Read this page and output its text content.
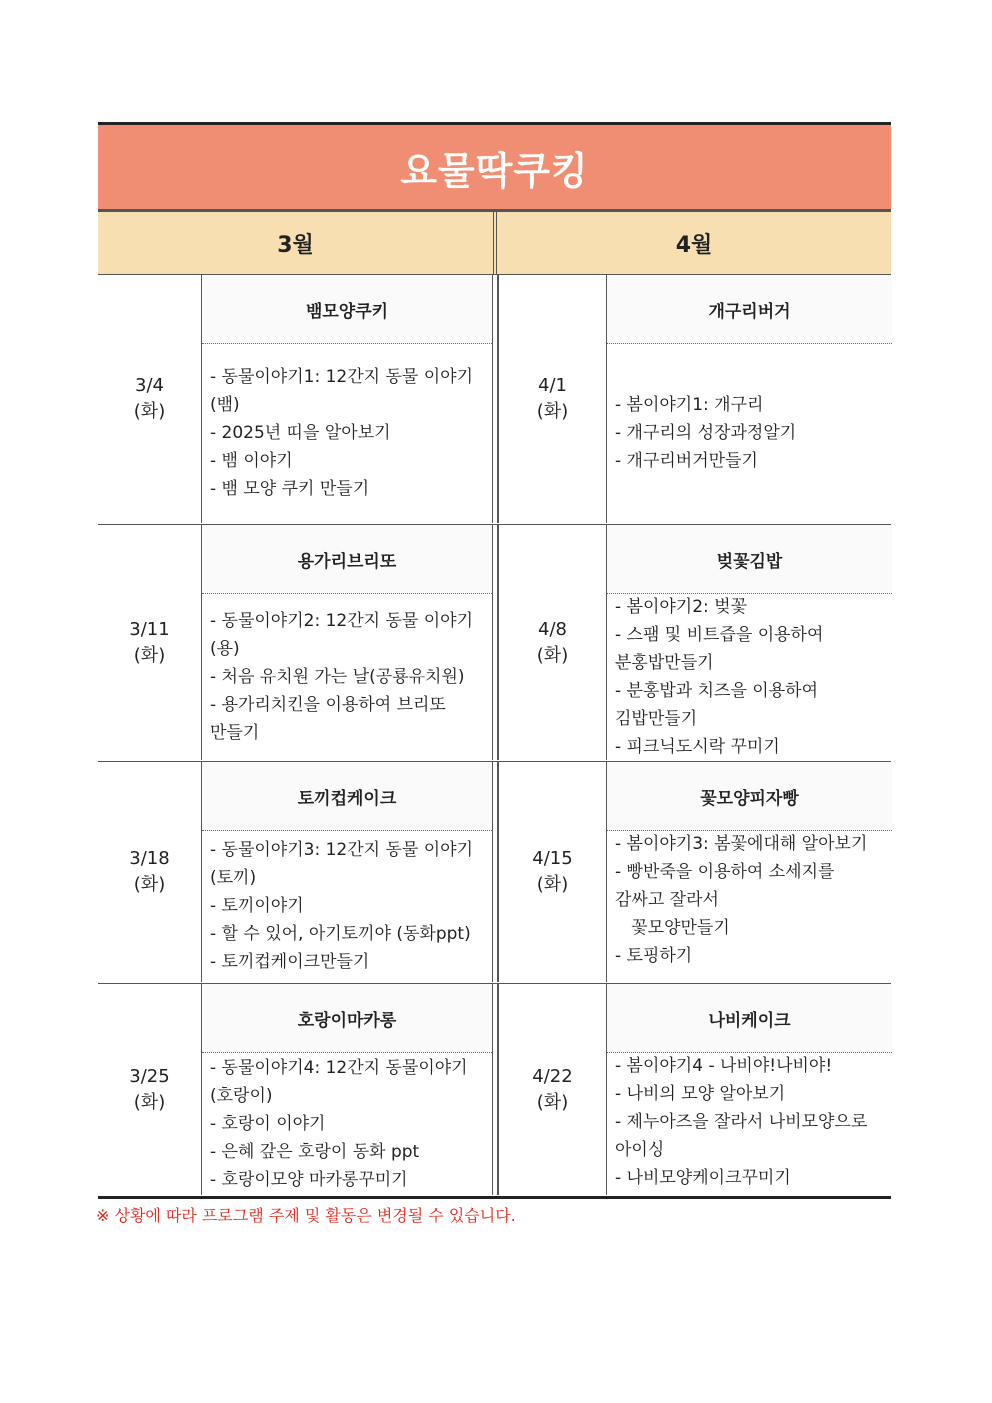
요물딱쿠킹
3월	4월
3/4
(화)
뱀모양쿠키
- 동물이야기1: 12간지 동물 이야기(뱀)
- 2025년 띠을 알아보기
- 뱀 이야기
- 뱀 모양 쿠키 만들기
4/1
(화)
개구리버거
- 봄이야기1: 개구리
- 개구리의 성장과정알기
- 개구리버거만들기
3/11
(화)
용가리브리또
- 동물이야기2: 12간지 동물 이야기(용)
- 처음 유치원 가는 날(공룡유치원)
- 용가리치킨을 이용하여 브리또
만들기
4/8
(화)
벚꽃김밥
- 봄이야기2: 벚꽃
- 스팸 및 비트즙을 이용하여
분홍밥만들기
- 분홍밥과 치즈을 이용하여
김밥만들기
- 피크닉도시락 꾸미기
3/18
(화)
토끼컵케이크
- 동물이야기3: 12간지 동물 이야기(토끼)
- 토끼이야기
- 할 수 있어, 아기토끼야 (동화ppt)
- 토끼컵케이크만들기
4/15
(화)
꽃모양피자빵
- 봄이야기3: 봄꽃에대해 알아보기
- 빵반죽을 이용하여 소세지를
감싸고 잘라서
꽃모양만들기
- 토핑하기
3/25
(화)
호랑이마카롱
- 동물이야기4: 12간지 동물이야기(호랑이)
- 호랑이 이야기
- 은혜 갚은 호랑이 동화 ppt
- 호랑이모양 마카롱꾸미기
4/22
(화)
나비케이크
- 봄이야기4 - 나비야!나비야!
- 나비의 모양 알아보기
- 제누아즈을 잘라서 나비모양으로
아이싱
- 나비모양케이크꾸미기
※ 상황에 따라 프로그램 주제 및 활동은 변경될 수 있습니다.
